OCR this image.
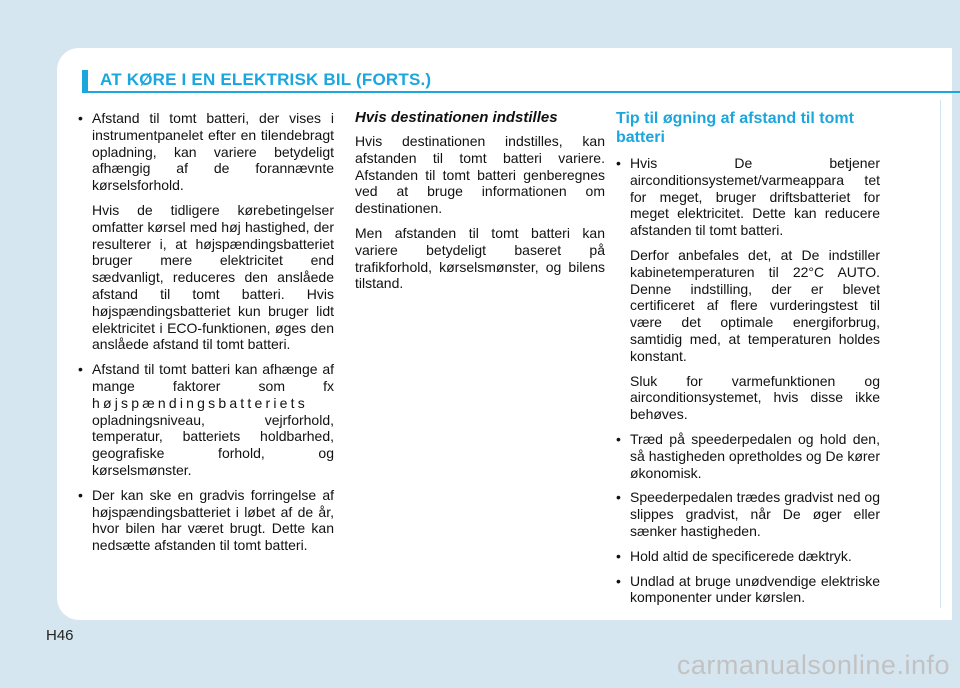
AT KØRE I EN ELEKTRISK BIL (FORTS.)

• Afstand til tomt batteri, der vises i instrumentpanelet efter en tilendebragt opladning, kan variere betydeligt afhængig af de forannævnte kørselsforhold.

Hvis de tidligere kørebetingelser omfatter kørsel med høj hastighed, der resulterer i, at højspændingsbatteriet bruger mere elektricitet end sædvanligt, reduceres den anslåede afstand til tomt batteri. Hvis højspændingsbatteriet kun bruger lidt elektricitet i ECO-funktionen, øges den anslåede afstand til tomt batteri.

• Afstand til tomt batteri kan afhænge af mange faktorer som fx højspændingsbatteriets opladningsniveau, vejrforhold, temperatur, batteriets holdbarhed, geografiske forhold, og kørselsmønster.

• Der kan ske en gradvis forringelse af højspændingsbatteriet i løbet af de år, hvor bilen har været brugt. Dette kan nedsætte afstanden til tomt batteri.

Hvis destinationen indstilles

Hvis destinationen indstilles, kan afstanden til tomt batteri variere. Afstanden til tomt batteri genberegnes ved at bruge informationen om destinationen.

Men afstanden til tomt batteri kan variere betydeligt baseret på trafikforhold, kørselsmønster, og bilens tilstand.

Tip til øgning af afstand til tomt batteri

• Hvis De betjener airconditionsystemet/varmeappara tet for meget, bruger driftsbatteriet for meget elektricitet. Dette kan reducere afstanden til tomt batteri.

Derfor anbefales det, at De indstiller kabinetemperaturen til 22°C AUTO. Denne indstilling, der er blevet certificeret af flere vurderingstest til være det optimale energiforbrug, samtidig med, at temperaturen holdes konstant.

Sluk for varmefunktionen og airconditionsystemet, hvis disse ikke behøves.

• Træd på speederpedalen og hold den, så hastigheden opretholdes og De kører økonomisk.

• Speederpedalen trædes gradvist ned og slippes gradvist, når De øger eller sænker hastigheden.

• Hold altid de specificerede dæktryk.

• Undlad at bruge unødvendige elektriske komponenter under kørslen.

H46
carmanualsonline.info
